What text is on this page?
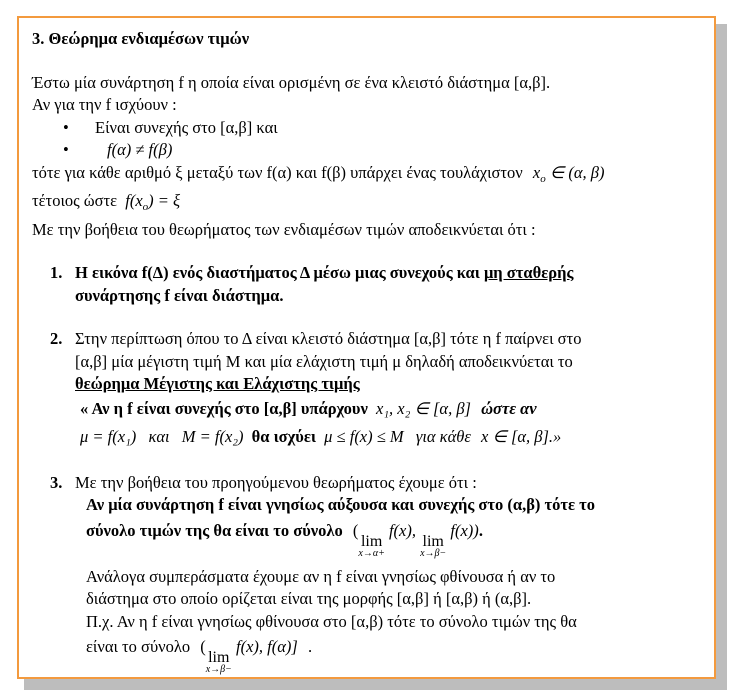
3. Θεώρημα ενδιαμέσων τιμών

Έστω μία συνάρτηση f η οποία είναι ορισμένη σε ένα κλειστό διάστημα [α,β].

Αν για την f ισχύουν :

• Είναι συνεχής στο [α,β] και
• f(α) ≠ f(β)

τότε για κάθε αριθμό ξ μεταξύ των f(α) και f(β) υπάρχει ένας τουλάχιστον $x_o$ ∈ (α, β)

τέτοιος ώστε $f(x_o) = \xi$

Με την βοήθεια του θεωρήματος των ενδιαμέσων τιμών αποδεικνύεται ότι :

1. Η εικόνα f(Δ) ενός διαστήματος Δ μέσω μιας συνεχούς και μη σταθερής
συνάρτησης f είναι διάστημα.
2. Στην περίπτωση όπου το Δ είναι κλειστό διάστημα [α,β] τότε η f παίρνει στο
[α,β] μία μέγιστη τιμή Μ και μία ελάχιστη τιμή μ δηλαδή αποδεικνύεται το
θεώρημα Μέγιστης και Ελάχιστης τιμής
« Αν η f είναι συνεχής στο [α,β] υπάρχουν x₁, x₂ ∈ [α, β] ώστε αν
μ = f(x₁) και Μ = f(x₂) θα ισχύει μ ≤ f(x) ≤ M για κάθε x ∈ [α, β].»
3. Με την βοήθεια του προηγούμενου θεωρήματος έχουμε ότι :
Αν μία συνάρτηση f είναι γνησίως αύξουσα και συνεχής στο (α,β) τότε το
σύνολο τιμών της θα είναι το σύνολο (
lim
x→α+
f(x),
lim
x→β−
f(x)).
Ανάλογα συμπεράσματα έχουμε αν η f είναι γνησίως φθίνουσα ή αν το
διάστημα στο οποίο ορίζεται είναι της μορφής [α,β] ή [α,β) ή (α,β].
Π.χ. Αν η f είναι γνησίως φθίνουσα στο [α,β) τότε το σύνολο τιμών της θα
είναι το σύνολο (
lim
x→β−
f(x), f(α)] .
